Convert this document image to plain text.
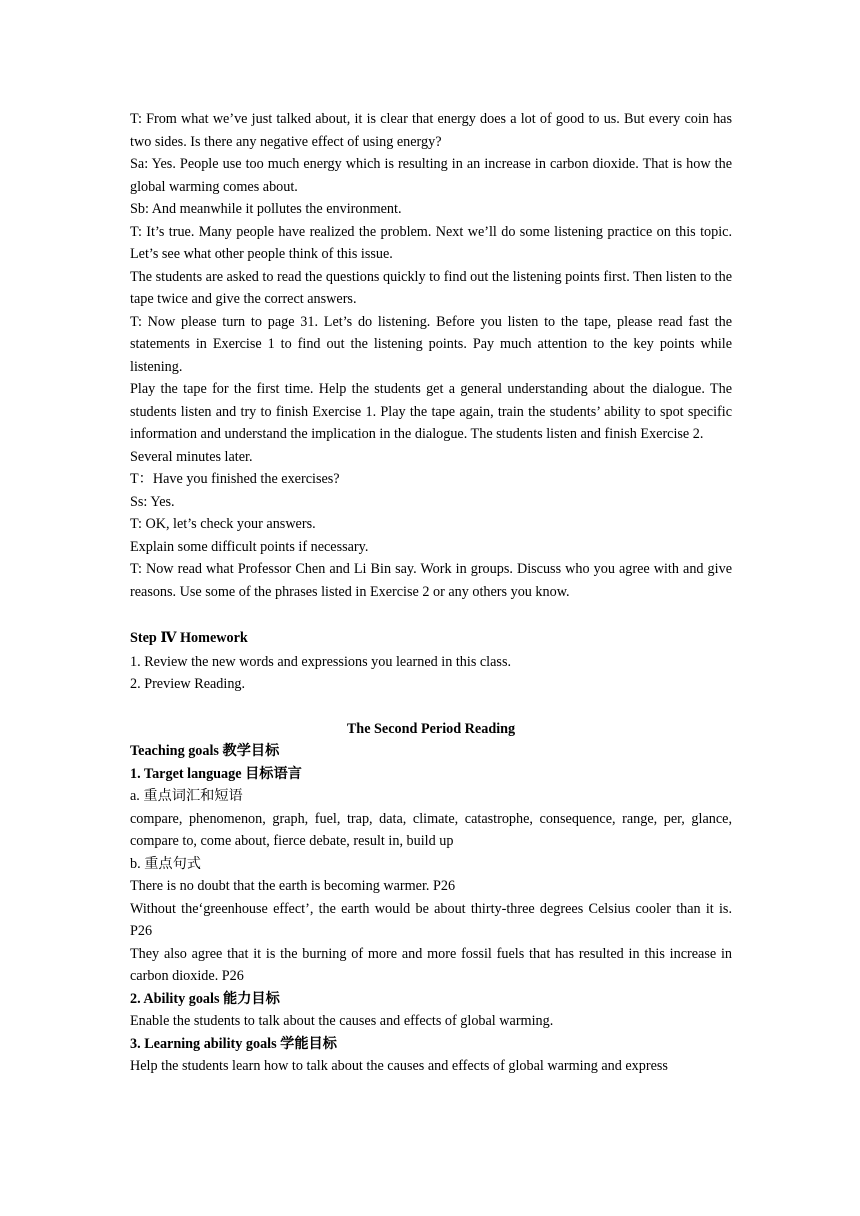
T: From what we’ve just talked about, it is clear that energy does a lot of good to us. But every coin has two sides. Is there any negative effect of using energy?

Sa: Yes. People use too much energy which is resulting in an increase in carbon dioxide. That is how the global warming comes about.

Sb: And meanwhile it pollutes the environment.

T: It’s true. Many people have realized the problem. Next we’ll do some listening practice on this topic. Let’s see what other people think of this issue.

The students are asked to read the questions quickly to find out the listening points first. Then listen to the tape twice and give the correct answers.

T: Now please turn to page 31. Let’s do listening. Before you listen to the tape, please read fast the statements in Exercise 1 to find out the listening points. Pay much attention to the key points while listening.

Play the tape for the first time. Help the students get a general understanding about the dialogue. The students listen and try to finish Exercise 1. Play the tape again, train the students’ ability to spot specific information and understand the implication in the dialogue. The students listen and finish Exercise 2.

Several minutes later.

T：Have you finished the exercises?

Ss: Yes.

T: OK, let’s check your answers.

Explain some difficult points if necessary.

T: Now read what Professor Chen and Li Bin say. Work in groups. Discuss who you agree with and give reasons. Use some of the phrases listed in Exercise 2 or any others you know.

Step Ⅳ Homework

1. Review the new words and expressions you learned in this class.

2. Preview Reading.

The Second Period Reading

Teaching goals 教学目标

1. Target language 目标语言

a. 重点词汇和短语

compare, phenomenon, graph, fuel, trap, data, climate, catastrophe, consequence, range, per, glance, compare to, come about, fierce debate, result in, build up

b. 重点句式

There is no doubt that the earth is becoming warmer. P26

Without the‘greenhouse effect’, the earth would be about thirty-three degrees Celsius cooler than it is. P26

They also agree that it is the burning of more and more fossil fuels that has resulted in this increase in carbon dioxide. P26

2. Ability goals 能力目标

Enable the students to talk about the causes and effects of global warming.

3. Learning ability goals 学能目标

Help the students learn how to talk about the causes and effects of global warming and express
